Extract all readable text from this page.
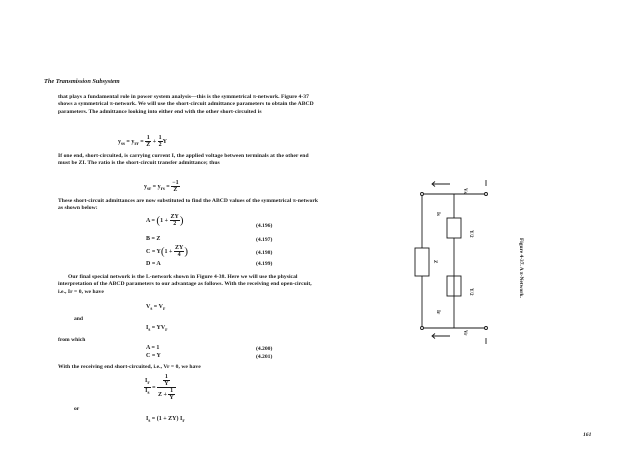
The Transmission Subsystem
that plays a fundamental role in power system analysis—this is the symmetrical π-network. Figure 4-37 shows a symmetrical π-network. We will use the short-circuit admittance parameters to obtain the ABCD parameters. The admittance looking into either end with the other short-circuited is
$y_{ss} = y_{rr} = \frac{1}{Z} + \frac{1}{2}$ Y
If one end, short-circuited, is carrying current I, the applied voltage between terminals at the other end must be ZI. The ratio is the short-circuit transfer admittance; thus
$y_{sr} = y_{rs} = \frac{-1}{Z}$
These short-circuit admittances are now substituted to find the ABCD values of the symmetrical π-network as shown below:
$A = (1 + \frac{ZY}{2}$ )	(4.196)
B = Z	(4.197)
$C = Y(1 + \frac{ZY}{4}$ )	(4.198)
D = A	(4.199)
Our final special network is the L-network shown in Figure 4-38. Here we will use the physical interpretation of the ABCD parameters to our advantage as follows. With the receiving end open-circuit, i.e., Ir = 0, we have
$V_s = V_r$
and
$I_s = YV_r$
from which
A = 1	(4.200)
C = Y	(4.201)
With the receiving end short-circuited, i.e., Vr = 0, we have
$\frac{I_r}{I_s} = \frac{\frac{1}{Y}}{Z + \frac{1}{Y}}$
or
$I_s = (1 + ZY)$ $I_r$
Y/2
Y/2
Z
Vs
Vr
Is
Ir
Figure 4-37. A π-Network.
161
